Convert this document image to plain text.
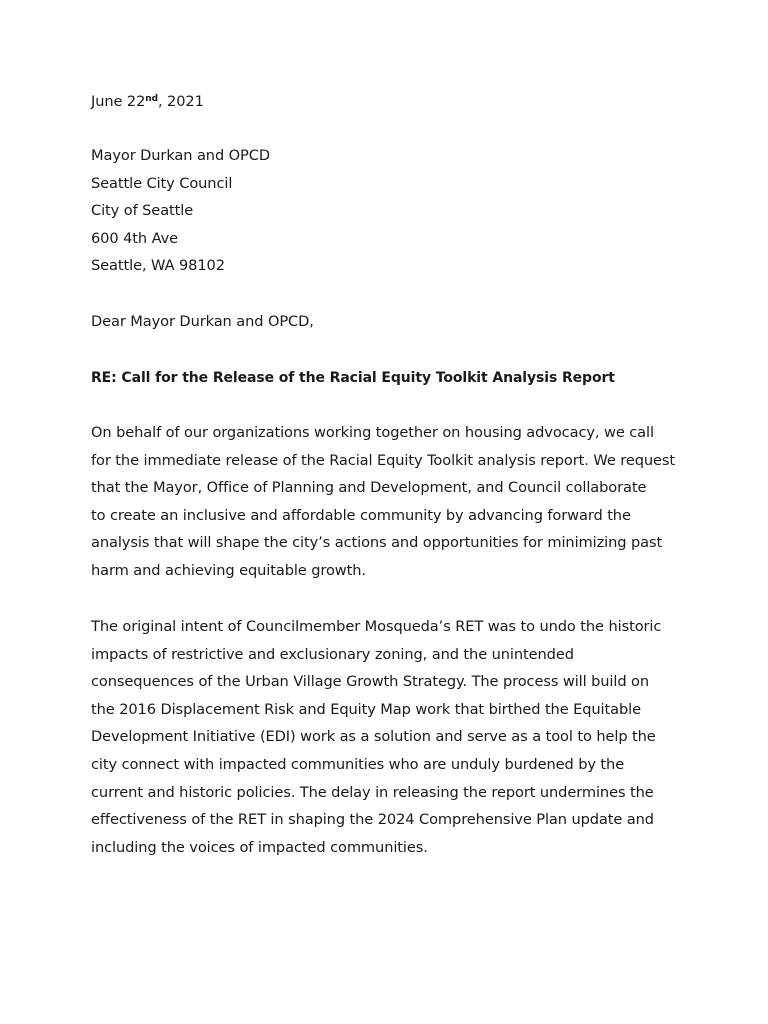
June 22nd, 2021
Mayor Durkan and OPCD
Seattle City Council
City of Seattle
600 4th Ave
Seattle, WA 98102
Dear Mayor Durkan and OPCD,
RE: Call for the Release of the Racial Equity Toolkit Analysis Report
On behalf of our organizations working together on housing advocacy, we call
for the immediate release of the Racial Equity Toolkit analysis report. We request
that the Mayor, Office of Planning and Development, and Council collaborate
to create an inclusive and affordable community by advancing forward the
analysis that will shape the city’s actions and opportunities for minimizing past
harm and achieving equitable growth.
The original intent of Councilmember Mosqueda’s RET was to undo the historic
impacts of restrictive and exclusionary zoning, and the unintended
consequences of the Urban Village Growth Strategy. The process will build on
the 2016 Displacement Risk and Equity Map work that birthed the Equitable
Development Initiative (EDI) work as a solution and serve as a tool to help the
city connect with impacted communities who are unduly burdened by the
current and historic policies. The delay in releasing the report undermines the
effectiveness of the RET in shaping the 2024 Comprehensive Plan update and
including the voices of impacted communities.
